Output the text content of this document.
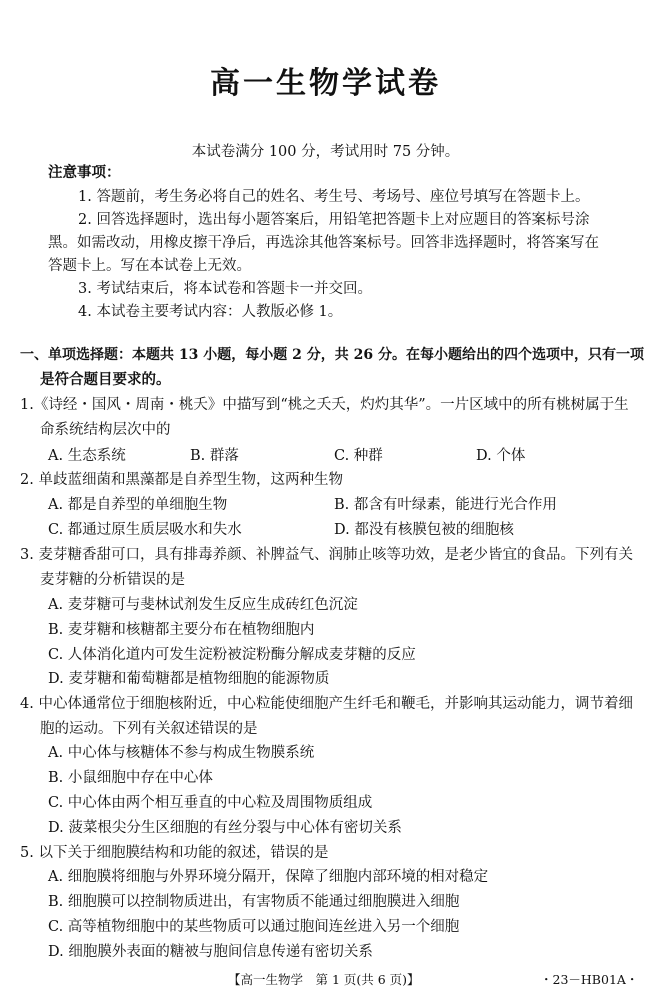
高一生物学试卷
本试卷满分 100 分，考试用时 75 分钟。
注意事项：
1. 答题前，考生务必将自己的姓名、考生号、考场号、座位号填写在答题卡上。
2. 回答选择题时，选出每小题答案后，用铅笔把答题卡上对应题目的答案标号涂
黑。如需改动，用橡皮擦干净后，再选涂其他答案标号。回答非选择题时，将答案写在
答题卡上。写在本试卷上无效。
3. 考试结束后，将本试卷和答题卡一并交回。
4. 本试卷主要考试内容：人教版必修 1。
一、单项选择题：本题共 13 小题，每小题 2 分，共 26 分。在每小题给出的四个选项中，只有一项
是符合题目要求的。
1.《诗经・国风・周南・桃夭》中描写到“桃之夭夭，灼灼其华”。一片区域中的所有桃树属于生
命系统结构层次中的
A. 生态系统	B. 群落	C. 种群	D. 个体
2. 单歧蓝细菌和黑藻都是自养型生物，这两种生物
A. 都是自养型的单细胞生物	B. 都含有叶绿素，能进行光合作用
C. 都通过原生质层吸水和失水	D. 都没有核膜包被的细胞核
3. 麦芽糖香甜可口，具有排毒养颜、补脾益气、润肺止咳等功效，是老少皆宜的食品。下列有关
麦芽糖的分析错误的是
A. 麦芽糖可与斐林试剂发生反应生成砖红色沉淀
B. 麦芽糖和核糖都主要分布在植物细胞内
C. 人体消化道内可发生淀粉被淀粉酶分解成麦芽糖的反应
D. 麦芽糖和葡萄糖都是植物细胞的能源物质
4. 中心体通常位于细胞核附近，中心粒能使细胞产生纤毛和鞭毛，并影响其运动能力，调节着细
胞的运动。下列有关叙述错误的是
A. 中心体与核糖体不参与构成生物膜系统
B. 小鼠细胞中存在中心体
C. 中心体由两个相互垂直的中心粒及周围物质组成
D. 菠菜根尖分生区细胞的有丝分裂与中心体有密切关系
5. 以下关于细胞膜结构和功能的叙述，错误的是
A. 细胞膜将细胞与外界环境分隔开，保障了细胞内部环境的相对稳定
B. 细胞膜可以控制物质进出，有害物质不能通过细胞膜进入细胞
C. 高等植物细胞中的某些物质可以通过胞间连丝进入另一个细胞
D. 细胞膜外表面的糖被与胞间信息传递有密切关系
【高一生物学　第 1 页(共 6 页)】	・23－HB01A・
